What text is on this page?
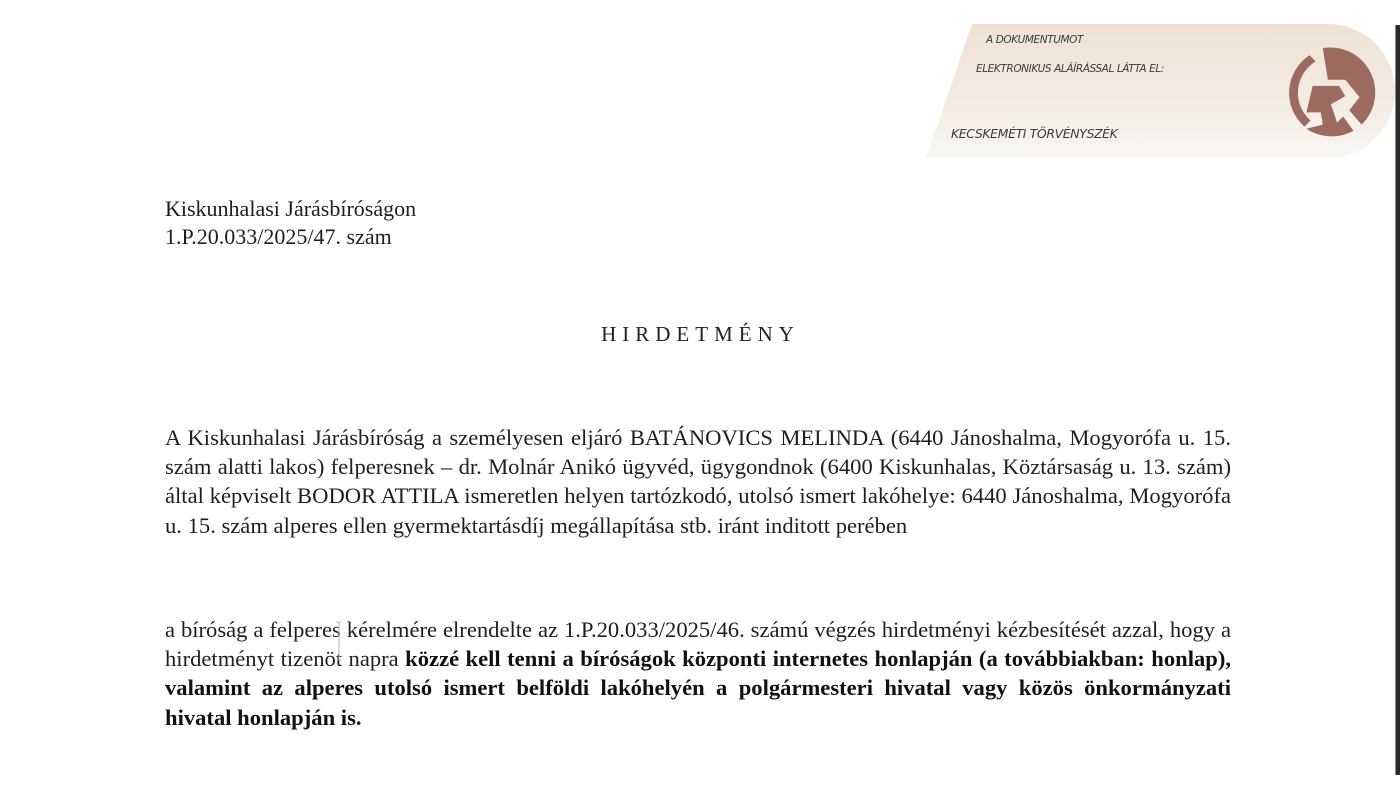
A DOKUMENTUMOT
ELEKTRONIKUS ALÁÍRÁSSAL LÁTTA EL:
KECSKEMÉTI TÖRVÉNYSZÉK
Kiskunhalasi Járásbíróságon
1.P.20.033/2025/47. szám
HIRDETMÉNY
A Kiskunhalasi Járásbíróság a személyesen eljáró BATÁNOVICS MELINDA (6440 Jánoshalma, Mogyorófa u. 15. szám alatti lakos) felperesnek – dr. Molnár Anikó ügyvéd, ügygondnok (6400 Kiskunhalas, Köztársaság u. 13. szám) által képviselt BODOR ATTILA ismeretlen helyen tartózkodó, utolsó ismert lakóhelye: 6440 Jánoshalma, Mogyorófa u. 15. szám alperes ellen gyermektartásdíj megállapítása stb. iránt inditott perében
a bíróság a felperes kérelmére elrendelte az 1.P.20.033/2025/46. számú végzés hirdetményi kézbesítését azzal, hogy a hirdetményt tizenöt napra közzé kell tenni a bíróságok központi internetes honlapján (a továbbiakban: honlap), valamint az alperes utolsó ismert belföldi lakóhelyén a polgármesteri hivatal vagy közös önkormányzati hivatal honlapján is.
